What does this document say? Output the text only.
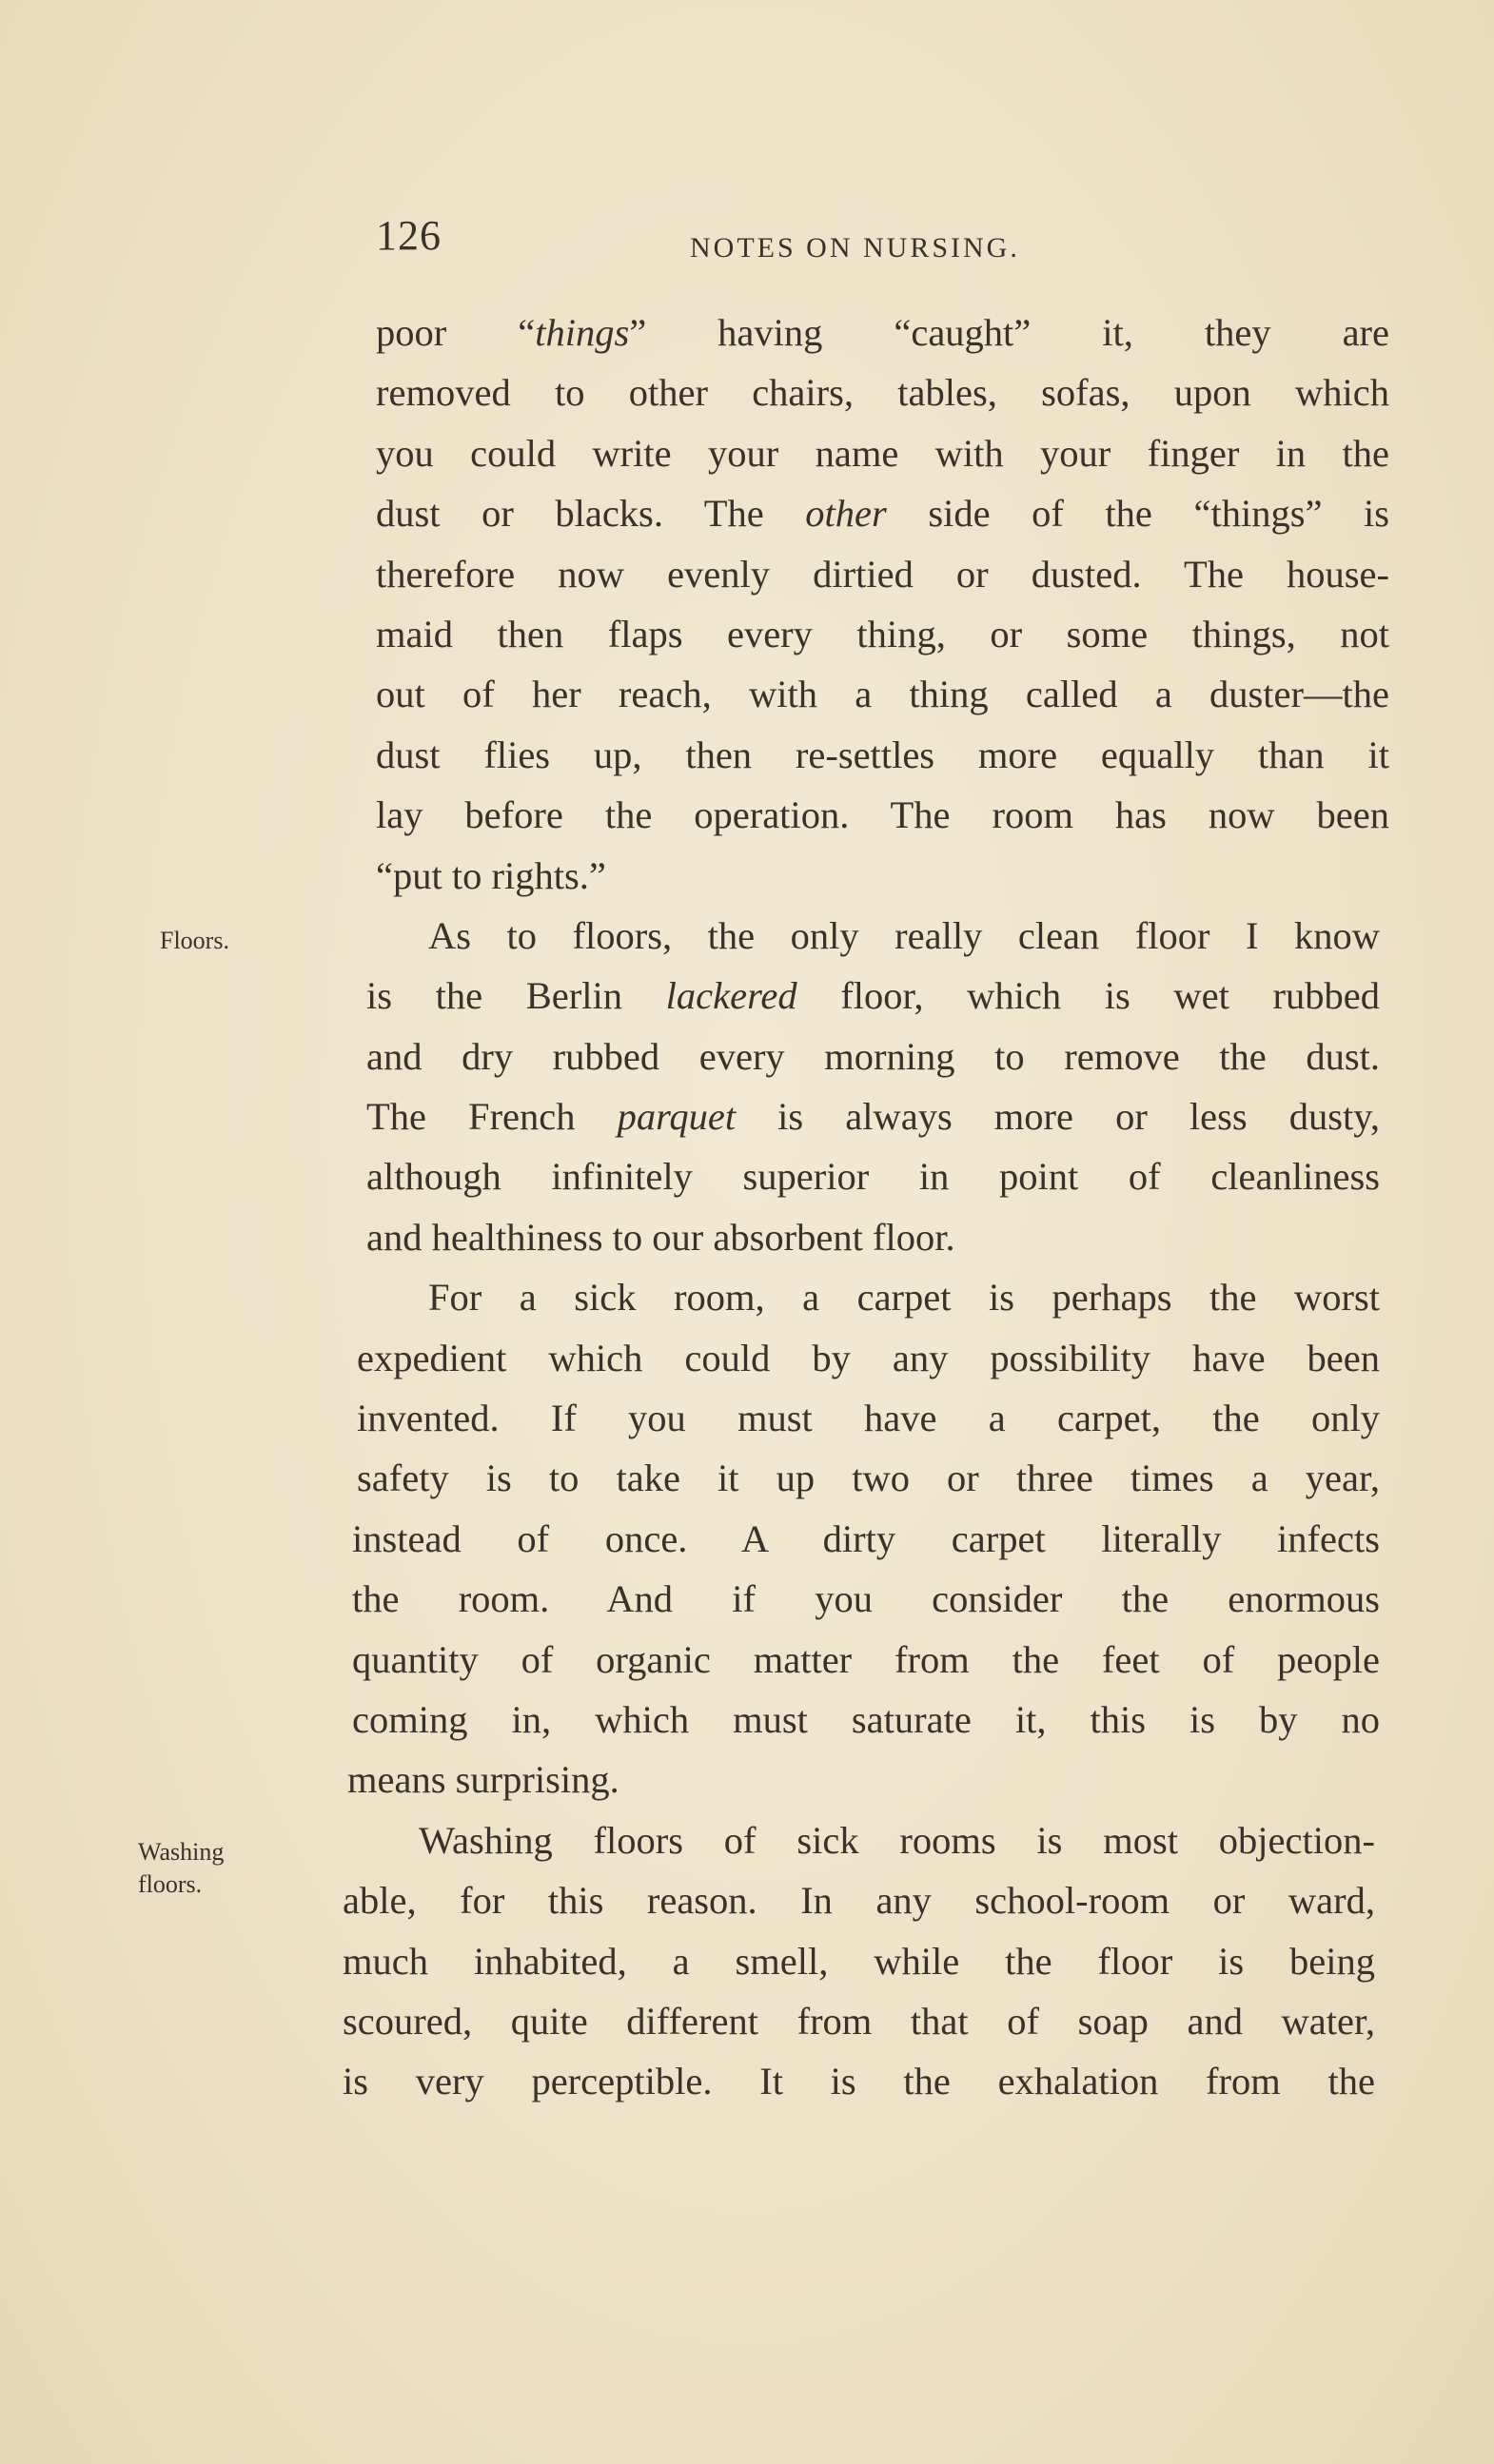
126	NOTES ON NURSING.
Floors.
Washing
floors.
poor “things” having “caught” it, they are
removed to other chairs, tables, sofas, upon which
you could write your name with your finger in the
dust or blacks. The other side of the “things” is
therefore now evenly dirtied or dusted. The house-
maid then flaps every thing, or some things, not
out of her reach, with a thing called a duster—the
dust flies up, then re-settles more equally than it
lay before the operation. The room has now been
“put to rights.”
As to floors, the only really clean floor I know
is the Berlin lackered floor, which is wet rubbed
and dry rubbed every morning to remove the dust.
The French parquet is always more or less dusty,
although infinitely superior in point of cleanliness
and healthiness to our absorbent floor.
For a sick room, a carpet is perhaps the worst
expedient which could by any possibility have been
invented. If you must have a carpet, the only
safety is to take it up two or three times a year,
instead of once. A dirty carpet literally infects
the room. And if you consider the enormous
quantity of organic matter from the feet of people
coming in, which must saturate it, this is by no
means surprising.
Washing floors of sick rooms is most objection-
able, for this reason. In any school-room or ward,
much inhabited, a smell, while the floor is being
scoured, quite different from that of soap and water,
is very perceptible. It is the exhalation from the
